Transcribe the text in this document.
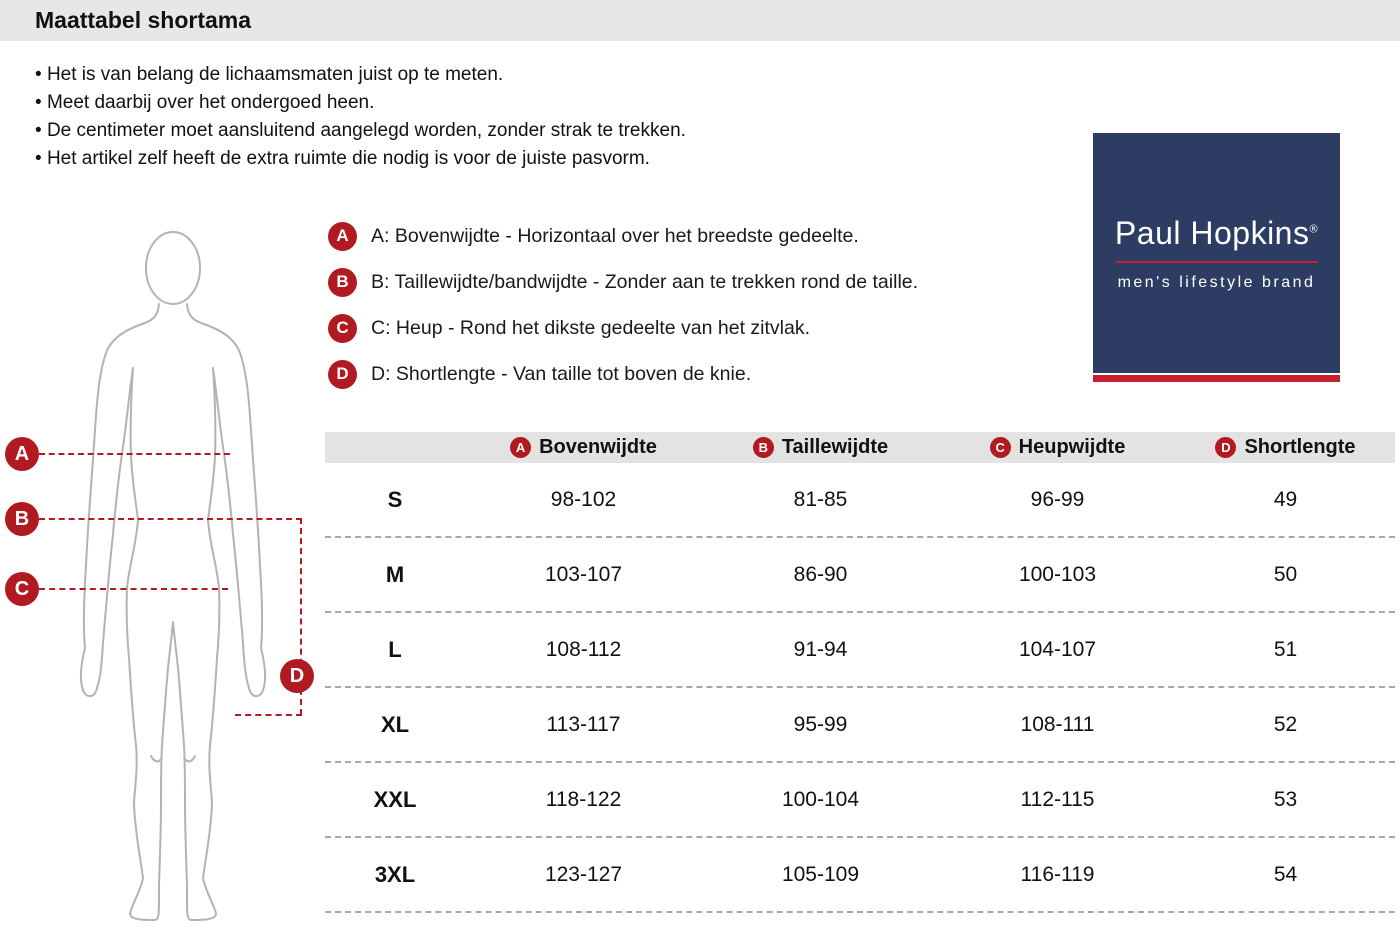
Maattabel shortama
• Het is van belang de lichaamsmaten juist op te meten.
• Meet daarbij over het ondergoed heen.
• De centimeter moet aansluitend aangelegd worden, zonder strak te trekken.
• Het artikel zelf heeft de extra ruimte die nodig is voor de juiste pasvorm.
A	A: Bovenwijdte - Horizontaal over het breedste gedeelte.
B	B: Taillewijdte/bandwijdte - Zonder aan te trekken rond de taille.
C	C: Heup - Rond het dikste gedeelte van het zitvlak.
D	D: Shortlengte - Van taille tot boven de knie.
Paul Hopkins®
men's lifestyle brand
A
B
C
D
A Bovenwijdte	B Taillewijdte	C Heupwijdte	D Shortlengte
S	98-102	81-85	96-99	49
M	103-107	86-90	100-103	50
L	108-112	91-94	104-107	51
XL	113-117	95-99	108-111	52
XXL	118-122	100-104	112-115	53
3XL	123-127	105-109	116-119	54
